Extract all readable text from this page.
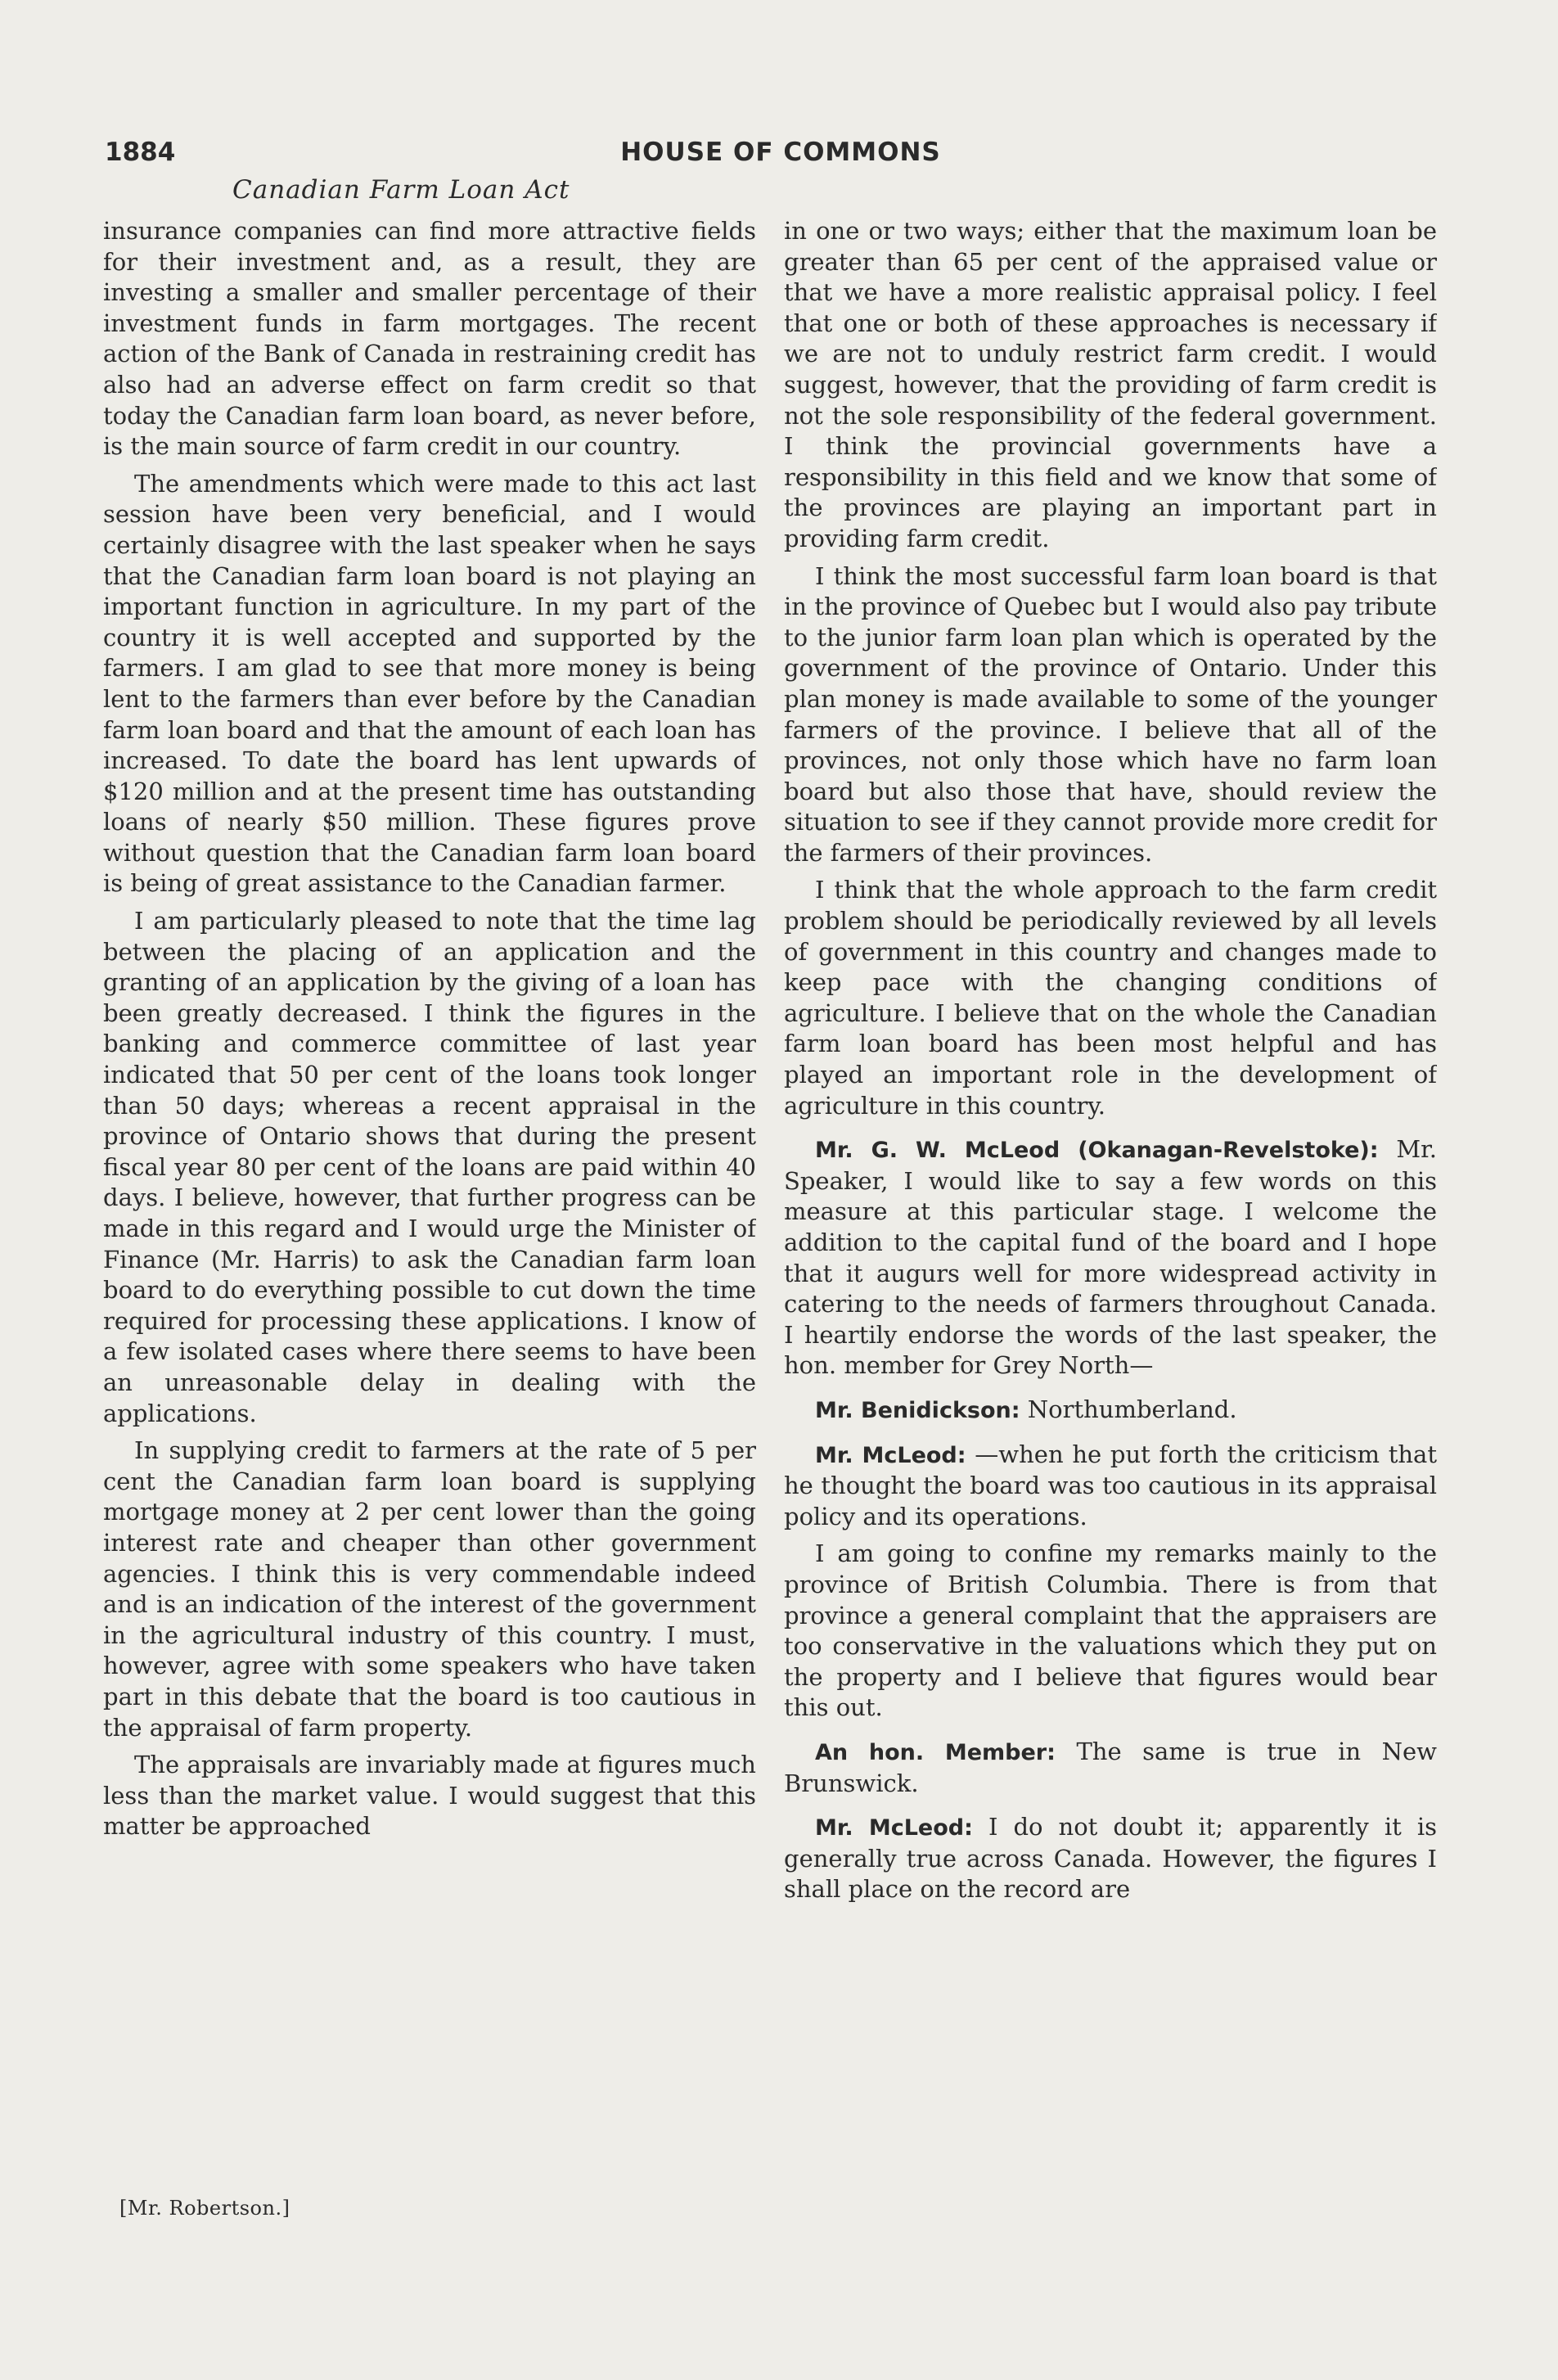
1884	HOUSE OF COMMONS
Canadian Farm Loan Act

insurance companies can find more attractive fields for their investment and, as a result, they are investing a smaller and smaller percentage of their investment funds in farm mortgages. The recent action of the Bank of Canada in restraining credit has also had an adverse effect on farm credit so that today the Canadian farm loan board, as never before, is the main source of farm credit in our country.

The amendments which were made to this act last session have been very beneficial, and I would certainly disagree with the last speaker when he says that the Canadian farm loan board is not playing an important function in agriculture. In my part of the country it is well accepted and supported by the farmers. I am glad to see that more money is being lent to the farmers than ever before by the Canadian farm loan board and that the amount of each loan has increased. To date the board has lent upwards of $120 million and at the present time has outstanding loans of nearly $50 million. These figures prove without question that the Canadian farm loan board is being of great assistance to the Canadian farmer.

I am particularly pleased to note that the time lag between the placing of an application and the granting of an application by the giving of a loan has been greatly decreased. I think the figures in the banking and commerce committee of last year indicated that 50 per cent of the loans took longer than 50 days; whereas a recent appraisal in the province of Ontario shows that during the present fiscal year 80 per cent of the loans are paid within 40 days. I believe, however, that further progress can be made in this regard and I would urge the Minister of Finance (Mr. Harris) to ask the Canadian farm loan board to do everything possible to cut down the time required for processing these applications. I know of a few isolated cases where there seems to have been an unreasonable delay in dealing with the applications.

In supplying credit to farmers at the rate of 5 per cent the Canadian farm loan board is supplying mortgage money at 2 per cent lower than the going interest rate and cheaper than other government agencies. I think this is very commendable indeed and is an indication of the interest of the government in the agricultural industry of this country. I must, however, agree with some speakers who have taken part in this debate that the board is too cautious in the appraisal of farm property.

The appraisals are invariably made at figures much less than the market value. I would suggest that this matter be approached

[Mr. Robertson.]

in one or two ways; either that the maximum loan be greater than 65 per cent of the appraised value or that we have a more realistic appraisal policy. I feel that one or both of these approaches is necessary if we are not to unduly restrict farm credit. I would suggest, however, that the providing of farm credit is not the sole responsibility of the federal government. I think the provincial governments have a responsibility in this field and we know that some of the provinces are playing an important part in providing farm credit.

I think the most successful farm loan board is that in the province of Quebec but I would also pay tribute to the junior farm loan plan which is operated by the government of the province of Ontario. Under this plan money is made available to some of the younger farmers of the province. I believe that all of the provinces, not only those which have no farm loan board but also those that have, should review the situation to see if they cannot provide more credit for the farmers of their provinces.

I think that the whole approach to the farm credit problem should be periodically reviewed by all levels of government in this country and changes made to keep pace with the changing conditions of agriculture. I believe that on the whole the Canadian farm loan board has been most helpful and has played an important role in the development of agriculture in this country.

Mr. G. W. McLeod (Okanagan-Revelstoke): Mr. Speaker, I would like to say a few words on this measure at this particular stage. I welcome the addition to the capital fund of the board and I hope that it augurs well for more widespread activity in catering to the needs of farmers throughout Canada. I heartily endorse the words of the last speaker, the hon. member for Grey North—

Mr. Benidickson: Northumberland.

Mr. McLeod: —when he put forth the criticism that he thought the board was too cautious in its appraisal policy and its operations.

I am going to confine my remarks mainly to the province of British Columbia. There is from that province a general complaint that the appraisers are too conservative in the valuations which they put on the property and I believe that figures would bear this out.

An hon. Member: The same is true in New Brunswick.

Mr. McLeod: I do not doubt it; apparently it is generally true across Canada. However, the figures I shall place on the record are
